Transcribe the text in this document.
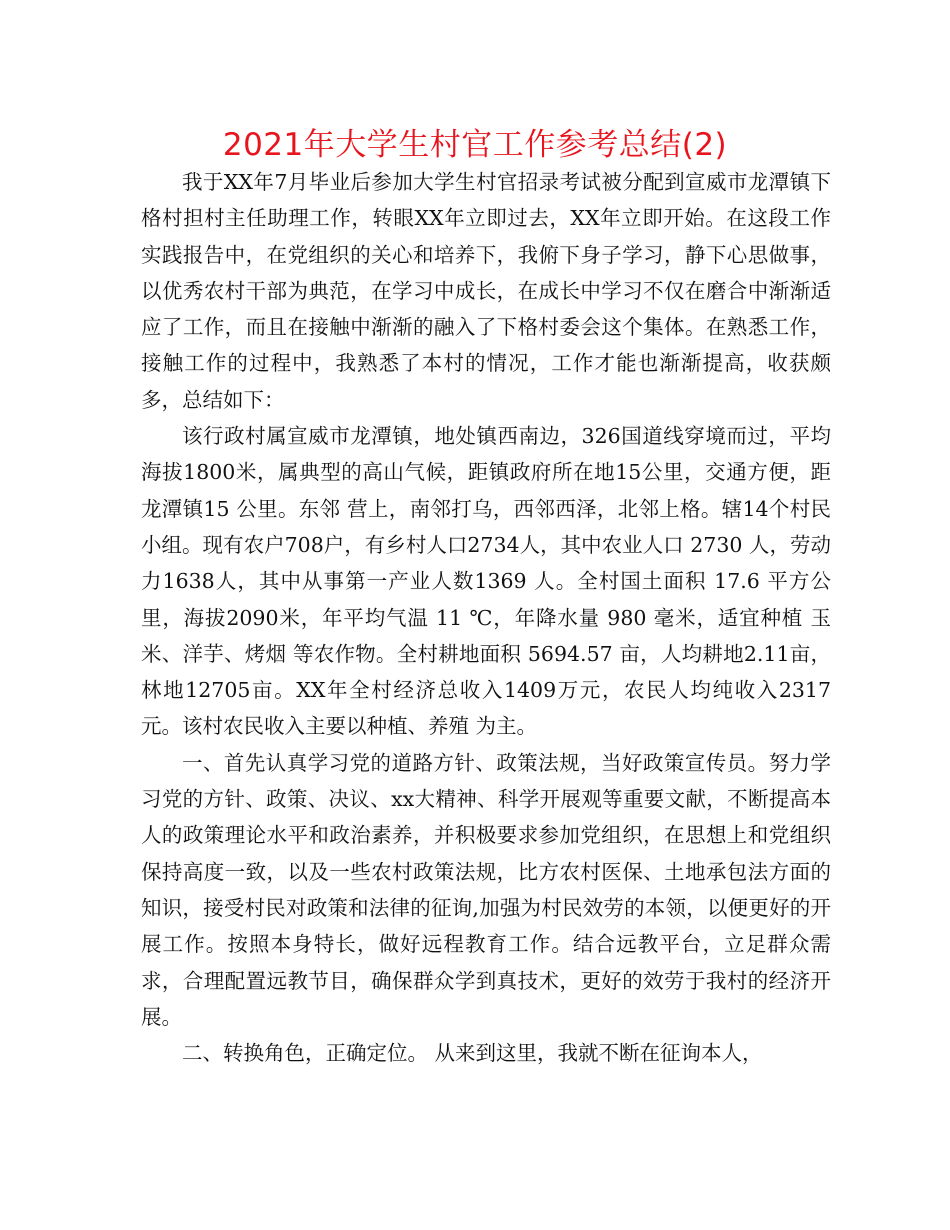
2021年大学生村官工作参考总结(2)

我于XX年7月毕业后参加大学生村官招录考试被分配到宣威市龙潭镇下格村担村主任助理工作，转眼XX年立即过去，XX年立即开始。在这段工作实践报告中，在党组织的关心和培养下，我俯下身子学习，静下心思做事，以优秀农村干部为典范，在学习中成长，在成长中学习不仅在磨合中渐渐适应了工作，而且在接触中渐渐的融入了下格村委会这个集体。在熟悉工作，接触工作的过程中，我熟悉了本村的情况，工作才能也渐渐提高，收获颇多，总结如下：

该行政村属宣威市龙潭镇，地处镇西南边，326国道线穿境而过，平均海拔1800米，属典型的高山气候，距镇政府所在地15公里，交通方便，距龙潭镇15 公里。东邻 营上，南邻打乌，西邻西泽，北邻上格。辖14个村民小组。现有农户708户，有乡村人口2734人，其中农业人口 2730 人，劳动力1638人，其中从事第一产业人数1369 人。全村国土面积 17.6 平方公里，海拔2090米，年平均气温 11 ℃，年降水量 980 毫米，适宜种植 玉米、洋芋、烤烟 等农作物。全村耕地面积 5694.57 亩，人均耕地2.11亩，林地12705亩。XX年全村经济总收入1409万元，农民人均纯收入2317元。该村农民收入主要以种植、养殖 为主。

一、首先认真学习党的道路方针、政策法规，当好政策宣传员。努力学习党的方针、政策、决议、xx大精神、科学开展观等重要文献，不断提高本人的政策理论水平和政治素养，并积极要求参加党组织，在思想上和党组织保持高度一致，以及一些农村政策法规，比方农村医保、土地承包法方面的知识，接受村民对政策和法律的征询,加强为村民效劳的本领，以便更好的开展工作。按照本身特长，做好远程教育工作。结合远教平台，立足群众需求，合理配置远教节目，确保群众学到真技术，更好的效劳于我村的经济开展。

二、转换角色，正确定位。 从来到这里，我就不断在征询本人，
